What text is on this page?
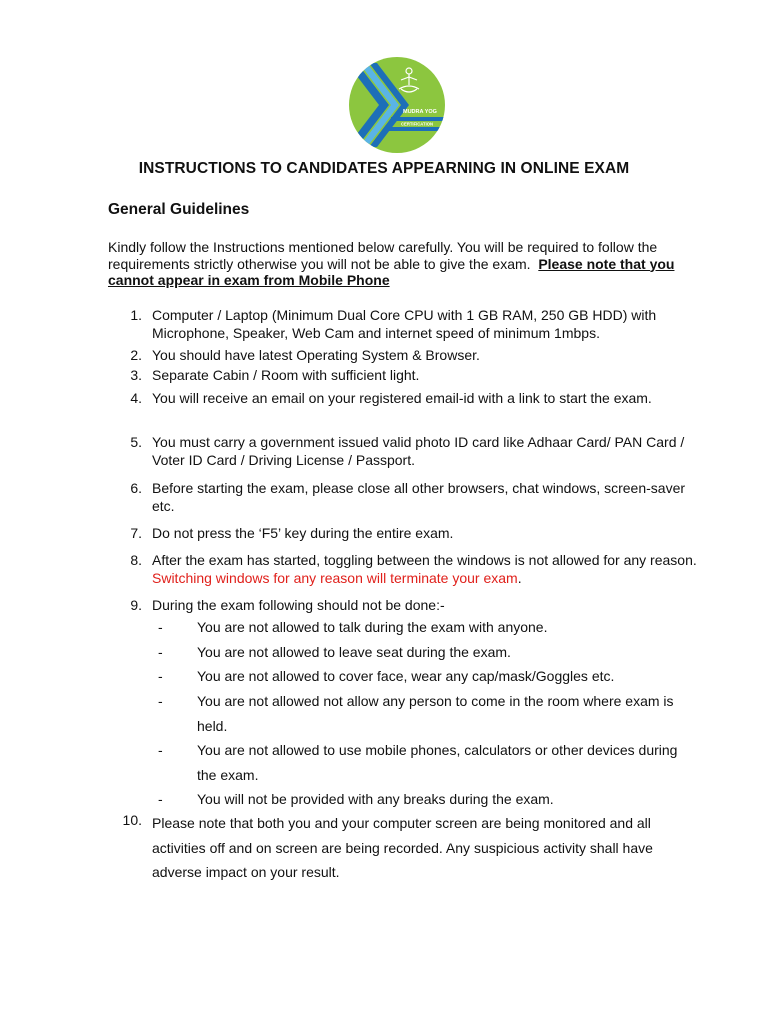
MUDRA YOG
CERTIFICATION
INSTRUCTIONS TO CANDIDATES APPEARNING IN ONLINE EXAM
General Guidelines
Kindly follow the Instructions mentioned below carefully. You will be required to follow the requirements strictly otherwise you will not be able to give the exam. Please note that you cannot appear in exam from Mobile Phone
1. Computer / Laptop (Minimum Dual Core CPU with 1 GB RAM, 250 GB HDD) with Microphone, Speaker, Web Cam and internet speed of minimum 1mbps.
2. You should have latest Operating System & Browser.
3. Separate Cabin / Room with sufficient light.
4. You will receive an email on your registered email-id with a link to start the exam.
5. You must carry a government issued valid photo ID card like Adhaar Card/ PAN Card / Voter ID Card / Driving License / Passport.
6. Before starting the exam, please close all other browsers, chat windows, screen-saver etc.
7. Do not press the ‘F5’ key during the entire exam.
8. After the exam has started, toggling between the windows is not allowed for any reason. Switching windows for any reason will terminate your exam.
9. During the exam following should not be done:-
- You are not allowed to talk during the exam with anyone.
- You are not allowed to leave seat during the exam.
- You are not allowed to cover face, wear any cap/mask/Goggles etc.
- You are not allowed not allow any person to come in the room where exam is held.
- You are not allowed to use mobile phones, calculators or other devices during the exam.
- You will not be provided with any breaks during the exam.
10. Please note that both you and your computer screen are being monitored and all activities off and on screen are being recorded. Any suspicious activity shall have adverse impact on your result.
